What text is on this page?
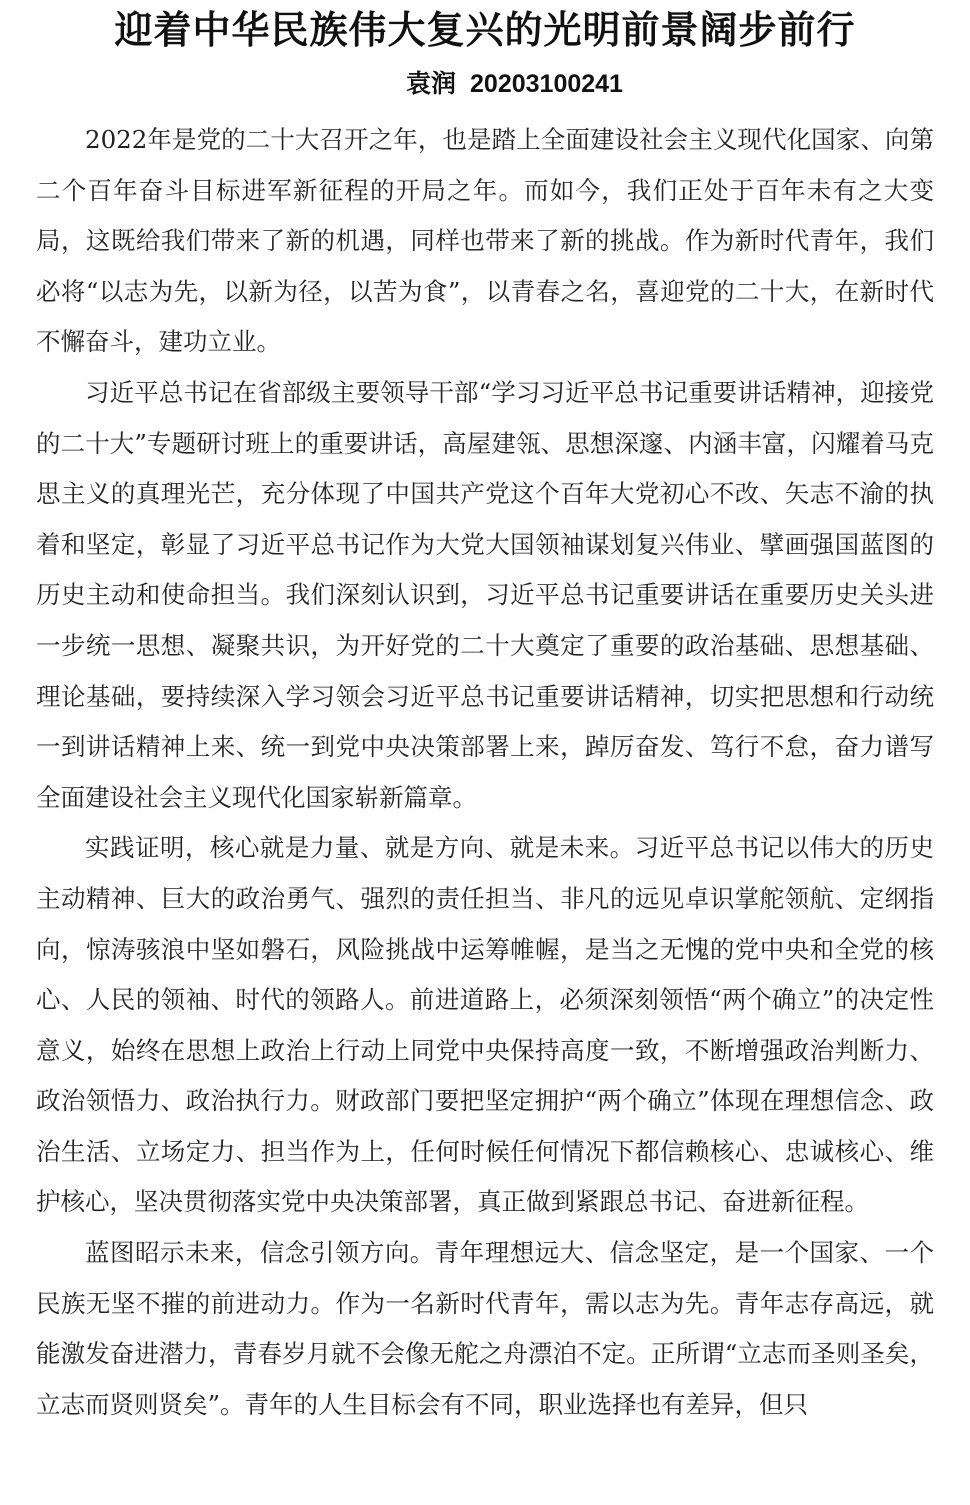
迎着中华民族伟大复兴的光明前景阔步前行
袁润 20203100241

2022年是党的二十大召开之年，也是踏上全面建设社会主义现代化国家、向第二个百年奋斗目标进军新征程的开局之年。而如今，我们正处于百年未有之大变局，这既给我们带来了新的机遇，同样也带来了新的挑战。作为新时代青年，我们必将“以志为先，以新为径，以苦为食”，以青春之名，喜迎党的二十大，在新时代不懈奋斗，建功立业。

习近平总书记在省部级主要领导干部“学习习近平总书记重要讲话精神，迎接党的二十大”专题研讨班上的重要讲话，高屋建瓴、思想深邃、内涵丰富，闪耀着马克思主义的真理光芒，充分体现了中国共产党这个百年大党初心不改、矢志不渝的执着和坚定，彰显了习近平总书记作为大党大国领袖谋划复兴伟业、擘画强国蓝图的历史主动和使命担当。我们深刻认识到，习近平总书记重要讲话在重要历史关头进一步统一思想、凝聚共识，为开好党的二十大奠定了重要的政治基础、思想基础、理论基础，要持续深入学习领会习近平总书记重要讲话精神，切实把思想和行动统一到讲话精神上来、统一到党中央决策部署上来，踔厉奋发、笃行不怠，奋力谱写全面建设社会主义现代化国家崭新篇章。

实践证明，核心就是力量、就是方向、就是未来。习近平总书记以伟大的历史主动精神、巨大的政治勇气、强烈的责任担当、非凡的远见卓识掌舵领航、定纲指向，惊涛骇浪中坚如磐石，风险挑战中运筹帷幄，是当之无愧的党中央和全党的核心、人民的领袖、时代的领路人。前进道路上，必须深刻领悟“两个确立”的决定性意义，始终在思想上政治上行动上同党中央保持高度一致，不断增强政治判断力、政治领悟力、政治执行力。财政部门要把坚定拥护“两个确立”体现在理想信念、政治生活、立场定力、担当作为上，任何时候任何情况下都信赖核心、忠诚核心、维护核心，坚决贯彻落实党中央决策部署，真正做到紧跟总书记、奋进新征程。

蓝图昭示未来，信念引领方向。青年理想远大、信念坚定，是一个国家、一个民族无坚不摧的前进动力。作为一名新时代青年，需以志为先。青年志存高远，就能激发奋进潜力，青春岁月就不会像无舵之舟漂泊不定。正所谓“立志而圣则圣矣，立志而贤则贤矣”。青年的人生目标会有不同，职业选择也有差异，但只
